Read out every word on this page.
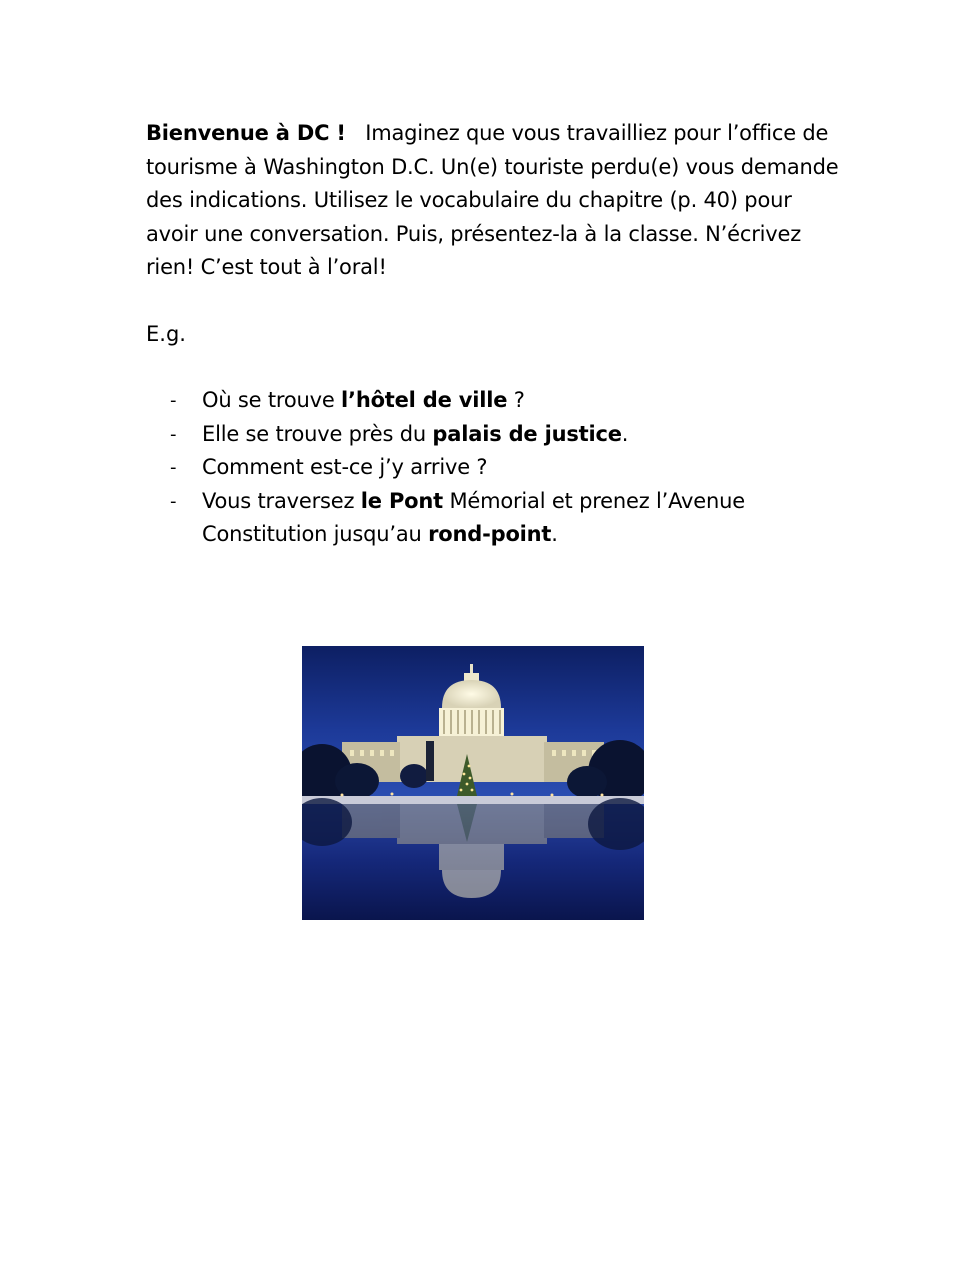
Bienvenue à DC ! Imaginez que vous travailliez pour l’office de tourisme à Washington D.C. Un(e) touriste perdu(e) vous demande des indications. Utilisez le vocabulaire du chapitre (p. 40) pour avoir une conversation. Puis, présentez-la à la classe. N’écrivez rien! C’est tout à l’oral!

E.g.
- Où se trouve l’hôtel de ville ?
- Elle se trouve près du palais de justice.
- Comment est-ce j’y arrive ?
- Vous traversez le Pont Mémorial et prenez l’Avenue Constitution jusqu’au rond-point.
